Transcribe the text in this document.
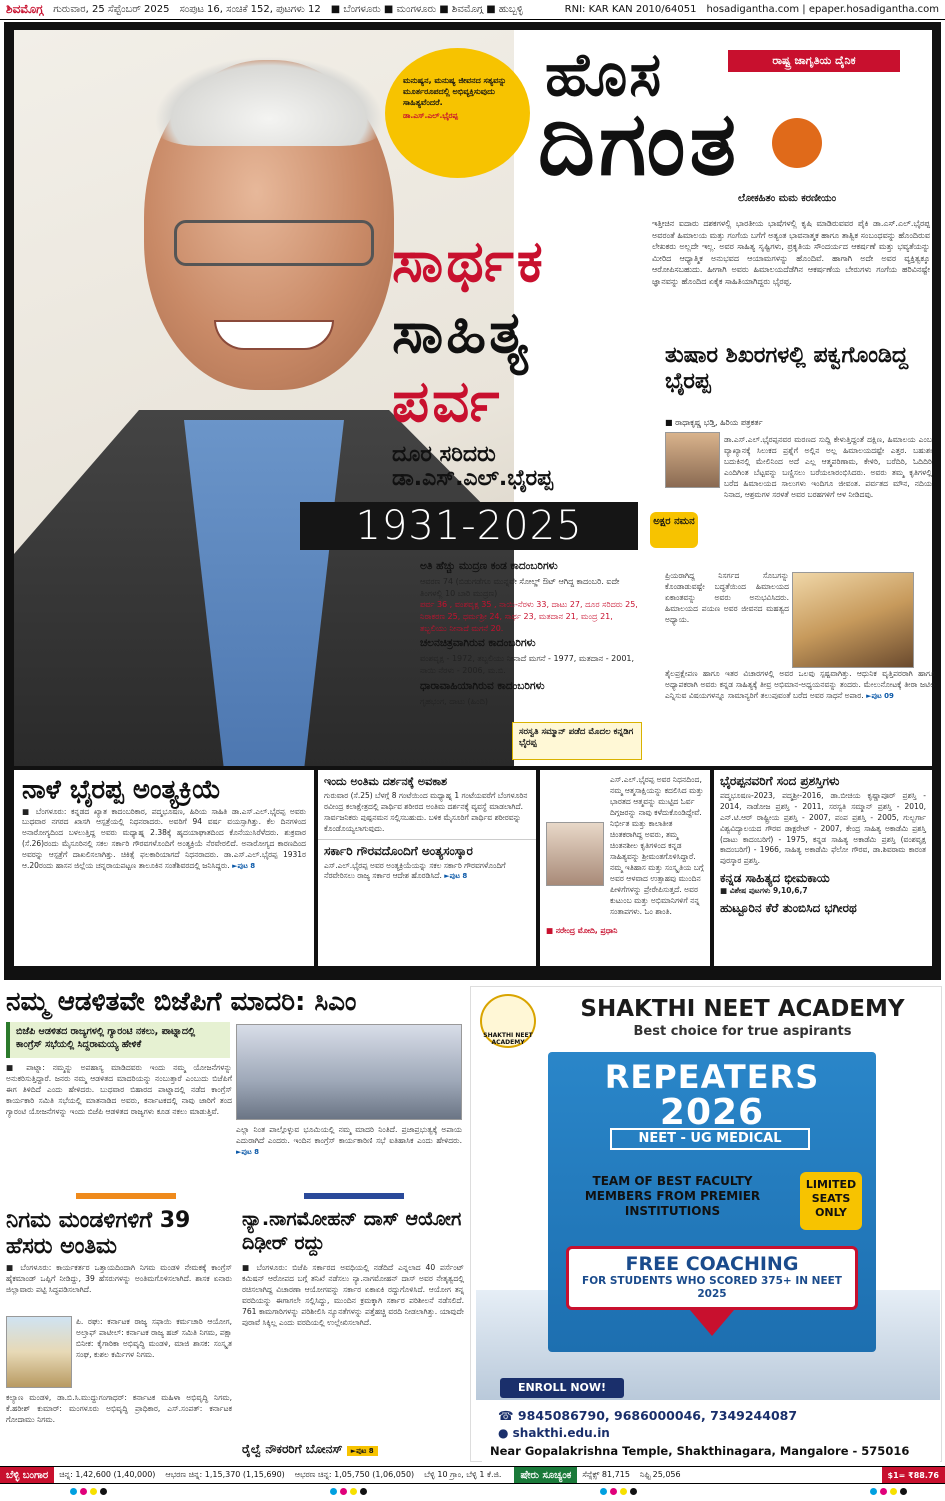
ಶಿವಮೊಗ್ಗ ಗುರುವಾರ, 25 ಸೆಪ್ಟೆಂಬರ್ 2025 ಸಂಪುಟ 16, ಸಂಚಿಕೆ 152, ಪುಟಗಳು 12 ■ ಬೆಂಗಳೂರು ■ ಮಂಗಳೂರು ■ ಶಿವಮೊಗ್ಗ ■ ಹುಬ್ಬಳ್ಳಿ	RNI: KAR KAN 2010/64051 hosadigantha.com | epaper.hosadigantha.com
ಮನುಷ್ಯನ, ಮನುಷ್ಯ ಜೀವನದ ಸತ್ಯವನ್ನು ಮೂರ್ತರೂಪದಲ್ಲಿ ಅಭಿವ್ಯಕ್ತಿಸುವುದು ಸಾಹಿತ್ಯವೆಂದರೆ.
ಡಾ.ಎಸ್.ಎಲ್.ಭೈರಪ್ಪ
ಹೊಸ	ರಾಷ್ಟ್ರ ಜಾಗೃತಿಯ ದೈನಿಕ
ದಿಗಂತ
ಲೋಕಹಿತಂ ಮಮ ಕರಣೀಯಂ
ಸಾರ್ಥಕ
ಸಾಹಿತ್ಯ
ಪರ್ವ
ದೂರ ಸರಿದರು
ಡಾ.ಎಸ್.ಎಲ್.ಭೈರಪ್ಪ
1931-2025	ಅಕ್ಷರ ನಮನ
ಅತಿ ಹೆಚ್ಚು ಮುದ್ರಣ ಕಂಡ ಕಾದಂಬರಿಗಳು
ಆವರಣ 74 (ಬಿಡುಗಡೆಗೂ ಮುನ್ನವೇ ಸೋಲ್ಡ್ ಔಟ್ ಆಗಿದ್ದ ಕಾದಂಬರಿ. ಐದೇ ತಿಂಗಳಲ್ಲಿ 10 ಬಾರಿ ಮುದ್ರಣ)
ಪರ್ವ 36 , ವಂಶವೃಕ್ಷ 35 , ನಾಯಿ-ನೆರಳು 33, ದಾಟು 27, ದೂರ ಸರಿದರು 25, ನಿರಾಕರಣ 25, ಧರ್ಮಶ್ರೀ 24, ಸಾರ್ಥ 23, ಮತದಾನ 21, ಮಂದ್ರ 21, ತಬ್ಬಲಿಯು ನೀನಾದೆ ಮಗನೆ 20.
ಚಲನಚಿತ್ರವಾಗಿರುವ ಕಾದಂಬರಿಗಳು
ವಂಶವೃಕ್ಷ - 1972, ತಬ್ಬಲಿಯು ನೀನಾದೆ ಮಗನೆ - 1977, ಮತದಾನ - 2001, ನಾಯಿ ನೆರಳು - 2006, ಮ.ಬಿ.
ಧಾರಾವಾಹಿಯಾಗಿರುವ ಕಾದಂಬರಿಗಳು
ಗೃಹಭಂಗ, ದಾಟು (ಹಿಂದಿ)
ಸರಸ್ವತಿ ಸಮ್ಮಾನ್ ಪಡೆದ ಮೊದಲ ಕನ್ನಡಿಗ ಭೈರಪ್ಪ
ಇತ್ತೀಚಿನ ಐದಾರು ದಶಕಗಳಲ್ಲಿ ಭಾರತೀಯ ಭಾಷೆಗಳಲ್ಲಿ ಕೃಷಿ ಮಾಡಿರುವವರ ಪೈಕಿ ಡಾ.ಎಸ್.ಎಲ್.ಭೈರಪ್ಪ ಅವರಂತೆ ಹಿಮಾಲಯ ಮತ್ತು ಗಂಗೆಯ ಬಗೆಗೆ ಅತ್ಯಂತ ಭಾವನಾತ್ಮಕ ಹಾಗೂ ತಾತ್ವಿಕ ಸಂಬಂಧವನ್ನು ಹೊಂದಿರುವ ಲೇಖಕರು ಅಲ್ಲದೇ ಇಲ್ಲ. ಅವರ ಸಾಹಿತ್ಯ ಸೃಷ್ಟಿಗಳು, ಪ್ರಕೃತಿಯ ಸೌಂದರ್ಯದ ಆಕರ್ಷಣೆ ಮತ್ತು ಭವ್ಯತೆಯನ್ನು ಮೀರಿದ ಆಧ್ಯಾತ್ಮಿಕ ಅನುಭವದ ಆಯಾಮಗಳನ್ನು ಹೊಂದಿವೆ. ಹಾಗಾಗಿ ಅದೇ ಅವರ ವ್ಯಕ್ತಿತ್ವಕ್ಕೂ ಆರೋಪಿಸಬಹುದು. ಹೀಗಾಗಿ ಅವರು ಹಿಮಾಲಯದೆಡೆಗಿನ ಆಕರ್ಷಣೆಯ ಬೇರುಗಳು ಗಂಗೆಯ ಹರಿವಿನಷ್ಟೇ ಜ್ಞಾನವನ್ನು ಹೊಂದಿದ ಏಕೈಕ ಸಾಹಿತಿಯಾಗಿದ್ದರು ಭೈರಪ್ಪ.
ತುಷಾರ ಶಿಖರಗಳಲ್ಲಿ ಪಕ್ವಗೊಂಡಿದ್ದ ಭೈರಪ್ಪ
■ ರಾಧಾಕೃಷ್ಣ ಭಡ್ತಿ, ಹಿರಿಯ ಪತ್ರಕರ್ತ
ಡಾ.ಎಸ್.ಎಲ್.ಭೈರಪ್ಪನವರ ಮರಣದ ಸುದ್ದಿ ಕೇಳುತ್ತಿದ್ದಂತೆ ದಕ್ಷಿಣ, ಹಿಮಾಲಯ ಎಂಬ ವ್ಯಾಖ್ಯಾನಕ್ಕೆ ಸಿಲುಕದ ಪ್ರಶ್ನೆಗೆ ಅಲ್ಲಿನ ಅಲ್ಲ ಹಿಮಾಲಯದಷ್ಟೇ ಎತ್ತರ. ಬಹುಶಃ ಬದುಕಿನಲ್ಲಿ ಮೇಲಿನಿಂದ ಅದೆ ಎಲ್ಲ ಆತ್ಮಪರಿಣಾಮ, ಕೇಳಿರಿ, ಬರೆದಿರಿ, ಓದಿದಿರಿ ಎಂದಿಗಿಂತ ಬೆಟ್ಟವನ್ನು ಬಣ್ಣಿಸಲು ಬರೆಯಲಾರಂಭಿಸಿದರು. ಅವರು ತಮ್ಮ ಕೃತಿಗಳಲ್ಲಿ ಬರೆದ ಹಿಮಾಲಯದ ಸಾಲುಗಳು ಇಂದಿಗೂ ಜೀವಂತ. ಪರ್ವತದ ಮೌನ, ನದಿಯ ನಿನಾದ, ಆಶ್ರಮಗಳ ಸರಳತೆ ಅವರ ಬರಹಗಳಿಗೆ ಆಳ ನೀಡಿದವು.
ಪ್ರಿಯರಾಗಿದ್ದ ನಿಸರ್ಗದ ಸೊಬಗನ್ನು ಕೊಂಡಾಡುವಷ್ಟೇ ಬದ್ಧತೆಯಿಂದ ಹಿಮಾಲಯದ ಏಕಾಂತವನ್ನು ಅವರು ಅನುಭವಿಸಿದರು. ಹಿಮಾಲಯದ ಪಯಣ ಅವರ ಜೀವನದ ಮಹತ್ವದ ಅಧ್ಯಾಯ.
ತೈಲಪ್ರಕ್ಷೇಪಣ ಹಾಗೂ ಇತರ ವಿಚಾರಗಳಲ್ಲಿ ಅವರ ಒಲವು ಸ್ಪಷ್ಟವಾಗಿತ್ತು. ಆಧುನಿಕ ವೃತ್ತಿಪರರಾಗಿ ಹಾಗೂ ಅಧ್ಯಾಪಕರಾಗಿ ಅವರು ಕನ್ನಡ ಸಾಹಿತ್ಯಕ್ಕೆ ತೀವ್ರ ಅಭಿಮಾನ-ಅಧ್ಯಯನವನ್ನು ತಂದರು. ಮೇಲುನೋಟಕ್ಕೆ ತೀರಾ ಜಟಿಲ ಎನ್ನಿಸುವ ವಿಷಯಗಳನ್ನೂ ಸಾಮಾನ್ಯರಿಗೆ ತಲುಪುವಂತೆ ಬರೆದ ಅವರ ಸಾಧನೆ ಅಪಾರ. ►ಪುಟ 09
ನಾಳೆ ಭೈರಪ್ಪ ಅಂತ್ಯಕ್ರಿಯೆ
■ ಬೆಂಗಳೂರು: ಕನ್ನಡದ ಖ್ಯಾತ ಕಾದಂಬರಿಕಾರ, ಪದ್ಮಭೂಷಣ, ಹಿರಿಯ ಸಾಹಿತಿ ಡಾ.ಎಸ್.ಎಲ್.ಭೈರಪ್ಪ ಅವರು ಬುಧವಾರ ನಗರದ ಖಾಸಗಿ ಆಸ್ಪತ್ರೆಯಲ್ಲಿ ನಿಧನರಾದರು. ಅವರಿಗೆ 94 ವರ್ಷ ವಯಸ್ಸಾಗಿತ್ತು. ಕೆಲ ದಿನಗಳಿಂದ ಅನಾರೋಗ್ಯದಿಂದ ಬಳಲುತ್ತಿದ್ದ ಅವರು ಮಧ್ಯಾಹ್ನ 2.38ಕ್ಕೆ ಹೃದಯಾಘಾತದಿಂದ ಕೊನೆಯುಸಿರೆಳೆದರು. ಶುಕ್ರವಾರ (ಸೆ.26)ರಂದು ಮೈಸೂರಿನಲ್ಲಿ ಸಕಲ ಸರ್ಕಾರಿ ಗೌರವಗಳೊಂದಿಗೆ ಅಂತ್ಯಕ್ರಿಯೆ ನೆರವೇರಲಿದೆ. ಅನಾರೋಗ್ಯದ ಕಾರಣದಿಂದ ಅವರನ್ನು ಆಸ್ಪತ್ರೆಗೆ ದಾಖಲಿಸಲಾಗಿತ್ತು. ಚಿಕಿತ್ಸೆ ಫಲಕಾರಿಯಾಗದೆ ನಿಧನರಾದರು. ಡಾ.ಎಸ್.ಎಲ್.ಭೈರಪ್ಪ 1931ರ ಆ.20ರಂದು ಹಾಸನ ಜಿಲ್ಲೆಯ ಚನ್ನರಾಯಪಟ್ಟಣ ತಾಲೂಕಿನ ಸಂತೆಶಿವರದಲ್ಲಿ ಜನಿಸಿದ್ದರು. ►ಪುಟ 8
ಇಂದು ಅಂತಿಮ ದರ್ಶನಕ್ಕೆ ಅವಕಾಶ
ಗುರುವಾರ (ಸೆ.25) ಬೆಳಗ್ಗೆ 8 ಗಂಟೆಯಿಂದ ಮಧ್ಯಾಹ್ನ 1 ಗಂಟೆಯವರೆಗೆ ಬೆಂಗಳೂರಿನ ರವೀಂದ್ರ ಕಲಾಕ್ಷೇತ್ರದಲ್ಲಿ ಪಾರ್ಥಿವ ಶರೀರದ ಅಂತಿಮ ದರ್ಶನಕ್ಕೆ ವ್ಯವಸ್ಥೆ ಮಾಡಲಾಗಿದೆ. ಸಾರ್ವಜನಿಕರು ಪುಷ್ಪನಮನ ಸಲ್ಲಿಸಬಹುದು. ಬಳಿಕ ಮೈಸೂರಿಗೆ ಪಾರ್ಥಿವ ಶರೀರವನ್ನು ಕೊಂಡೊಯ್ಯಲಾಗುವುದು.
ಸರ್ಕಾರಿ ಗೌರವದೊಂದಿಗೆ ಅಂತ್ಯಸಂಸ್ಕಾರ
ಎಸ್.ಎಲ್.ಭೈರಪ್ಪ ಅವರ ಅಂತ್ಯಕ್ರಿಯೆಯನ್ನು ಸಕಲ ಸರ್ಕಾರಿ ಗೌರವಗಳೊಂದಿಗೆ ನೆರವೇರಿಸಲು ರಾಜ್ಯ ಸರ್ಕಾರ ಆದೇಶ ಹೊರಡಿಸಿದೆ. ►ಪುಟ 8
ಎಸ್.ಎಲ್.ಭೈರಪ್ಪ ಅವರ ನಿಧನದಿಂದ, ನಮ್ಮ ಆತ್ಮಸಾಕ್ಷಿಯನ್ನು ಕದಲಿಸಿದ ಮತ್ತು ಭಾರತದ ಆತ್ಮವನ್ನು ಮುಟ್ಟಿದ ಓರ್ವ ದಿಗ್ಗಜರನ್ನು ನಾವು ಕಳೆದುಕೊಂಡಿದ್ದೇವೆ. ನಿರ್ಭೀತ ಮತ್ತು ಕಾಲಾತೀತ ಚಿಂತಕರಾಗಿದ್ದ ಅವರು, ತಮ್ಮ ಚಿಂತನಶೀಲ ಕೃತಿಗಳಿಂದ ಕನ್ನಡ ಸಾಹಿತ್ಯವನ್ನು ಶ್ರೀಮಂತಗೊಳಿಸಿದ್ದಾರೆ. ನಮ್ಮ ಇತಿಹಾಸ ಮತ್ತು ಸಂಸ್ಕೃತಿಯ ಬಗ್ಗೆ ಅವರ ಆಳವಾದ ಉತ್ಸಾಹವು ಮುಂದಿನ ಪೀಳಿಗೆಗಳನ್ನು ಪ್ರೇರೇಪಿಸುತ್ತದೆ. ಅವರ ಕುಟುಂಬ ಮತ್ತು ಅಭಿಮಾನಿಗಳಿಗೆ ನನ್ನ ಸಂತಾಪಗಳು. ಓಂ ಶಾಂತಿ.
■ ನರೇಂದ್ರ ಮೋದಿ, ಪ್ರಧಾನಿ
ಭೈರಪ್ಪನವರಿಗೆ ಸಂದ ಪ್ರಶಸ್ತಿಗಳು
ಪದ್ಮಭೂಷಣ-2023, ಪದ್ಮಶ್ರೀ-2016, ಡಾ.ಬೀಚಿಯ ಕೃಷ್ಣಾಪೂರ್ ಪ್ರಶಸ್ತಿ - 2014, ನಾಡೋಜ ಪ್ರಶಸ್ತಿ - 2011, ಸರಸ್ವತಿ ಸಮ್ಮಾನ್ ಪ್ರಶಸ್ತಿ - 2010, ಎನ್.ಟಿ.ಆರ್ ರಾಷ್ಟ್ರೀಯ ಪ್ರಶಸ್ತಿ - 2007, ಪಂಪ ಪ್ರಶಸ್ತಿ - 2005, ಗುಲ್ಬರ್ಗಾ ವಿಶ್ವವಿದ್ಯಾಲಯದ ಗೌರವ ಡಾಕ್ಟರೇಟ್ - 2007, ಕೇಂದ್ರ ಸಾಹಿತ್ಯ ಅಕಾಡೆಮಿ ಪ್ರಶಸ್ತಿ (ದಾಟು ಕಾದಂಬರಿಗೆ) - 1975, ಕನ್ನಡ ಸಾಹಿತ್ಯ ಅಕಾಡೆಮಿ ಪ್ರಶಸ್ತಿ (ವಂಶವೃಕ್ಷ ಕಾದಂಬರಿಗೆ) - 1966, ಸಾಹಿತ್ಯ ಅಕಾಡೆಮಿ ಫೆಲೋ ಗೌರವ, ಡಾ.ಶಿವರಾಮ ಕಾರಂತ ಪುರಸ್ಕಾರ ಪ್ರಶಸ್ತಿ.
ಕನ್ನಡ ಸಾಹಿತ್ಯದ ಭೀಮಕಾಯ
■ ವಿಶೇಷ ಪುಟಗಳು 9,10,6,7
ಹುಟ್ಟೂರಿನ ಕೆರೆ ತುಂಬಿಸಿದ ಭಗೀರಥ
ನಮ್ಮ ಆಡಳಿತವೇ ಬಿಜೆಪಿಗೆ ಮಾದರಿ: ಸಿಎಂ
ಬಿಜೆಪಿ ಆಡಳಿತದ ರಾಜ್ಯಗಳಲ್ಲಿ ಗ್ಯಾರಂಟಿ ನಕಲು, ಪಾಟ್ನಾದಲ್ಲಿ ಕಾಂಗ್ರೆಸ್ ಸಭೆಯಲ್ಲಿ ಸಿದ್ದರಾಮಯ್ಯ ಹೇಳಿಕೆ
■ ಪಾಟ್ನಾ: ನಮ್ಮನ್ನು ಅಪಹಾಸ್ಯ ಮಾಡಿದವರು ಇಂದು ನಮ್ಮ ಯೋಜನೆಗಳನ್ನು ಅನುಕರಿಸುತ್ತಿದ್ದಾರೆ. ಜನರು ನಮ್ಮ ಆಡಳಿತದ ಮಾದರಿಯನ್ನು ನಂಬುತ್ತಾರೆ ಎಂಬುದು ಬಿಜೆಪಿಗೆ ಈಗ ತಿಳಿದಿದೆ ಎಂದು ಹೇಳಿದರು. ಬುಧವಾರ ಬಿಹಾರದ ಪಾಟ್ನಾದಲ್ಲಿ ನಡೆದ ಕಾಂಗ್ರೆಸ್ ಕಾರ್ಯಕಾರಿ ಸಮಿತಿ ಸಭೆಯಲ್ಲಿ ಮಾತನಾಡಿದ ಅವರು, ಕರ್ನಾಟಕದಲ್ಲಿ ನಾವು ಜಾರಿಗೆ ತಂದ ಗ್ಯಾರಂಟಿ ಯೋಜನೆಗಳನ್ನು ಇಂದು ಬಿಜೆಪಿ ಆಡಳಿತದ ರಾಜ್ಯಗಳು ಕೂಡ ನಕಲು ಮಾಡುತ್ತಿವೆ.
ಎಲ್ಲಾ ನಿಂತ ಪಾಲ್ಗೊಳ್ಳುವ ಭೂಮಿಯಲ್ಲಿ ನಮ್ಮ ಮಾದರಿ ನಿಂತಿದೆ. ಪ್ರಜಾಪ್ರಭುತ್ವಕ್ಕೆ ಅಪಾಯ ಎದುರಾಗಿದೆ ಎಂದರು. ಇಂದಿನ ಕಾಂಗ್ರೆಸ್ ಕಾರ್ಯಕಾರಿಣಿ ಸಭೆ ಐತಿಹಾಸಿಕ ಎಂದು ಹೇಳಿದರು. ►ಪುಟ 8
ನಿಗಮ ಮಂಡಳಿಗಳಿಗೆ 39 ಹೆಸರು ಅಂತಿಮ
■ ಬೆಂಗಳೂರು: ಕಾರ್ಯಕರ್ತರ ಒತ್ತಾಯದಿಂದಾಗಿ ನಿಗಮ ಮಂಡಳಿ ನೇಮಕಕ್ಕೆ ಕಾಂಗ್ರೆಸ್ ಹೈಕಮಾಂಡ್ ಒಪ್ಪಿಗೆ ನೀಡಿದ್ದು, 39 ಹೆಸರುಗಳನ್ನು ಅಂತಿಮಗೊಳಿಸಲಾಗಿದೆ. ಶಾಸಕ ಏನಾರು ಜಿಲ್ಲಾವಾರು ಪಟ್ಟಿ ಸಿದ್ಧಪಡಿಸಲಾಗಿದೆ.
ಪಿ. ರಘು: ಕರ್ನಾಟಕ ರಾಜ್ಯ ಸಫಾಯಿ ಕರ್ಮಚಾರಿ ಆಯೋಗ, ಅಲ್ತಾಫ್ ಪಾಟೀಲ್: ಕರ್ನಾಟಕ ರಾಜ್ಯ ಹಜ್ ಸಮಿತಿ ನಿಗಮ, ಪಕ್ಷಾ ಬಿನೀಕ: ಕೈಗಾರಿಕಾ ಅಭಿವೃದ್ಧಿ ಮಂಡಳಿ, ಮಾಜಿ ಶಾಸಕ: ಸಂಸ್ಕೃತ ಸಂಘ, ಕುಶಲ ಕರ್ಮಿಗಳ ನಿಗಮ.
ಕಲ್ಯಾಣ ಮಂಡಳಿ, ಡಾ.ಬಿ.ಸಿ.ಮುದ್ದುಗಂಗಾಧರ್: ಕರ್ನಾಟಕ ಮಹಿಳಾ ಅಭಿವೃದ್ಧಿ ನಿಗಮ, ಕೆ.ಹರೀಶ್ ಕುಮಾರ್: ಮಂಗಳೂರು ಅಭಿವೃದ್ಧಿ ಪ್ರಾಧಿಕಾರ, ಎಸ್.ಸಂಪತ್: ಕರ್ನಾಟಕ ಗೋದಾಮು ನಿಗಮ.
ನ್ಯಾ.ನಾಗಮೋಹನ್ ದಾಸ್ ಆಯೋಗ ದಿಢೀರ್ ರದ್ದು
■ ಬೆಂಗಳೂರು: ಬಿಜೆಪಿ ಸರ್ಕಾರದ ಅವಧಿಯಲ್ಲಿ ನಡೆದಿದೆ ಎನ್ನಲಾದ 40 ಪರ್ಸೆಂಟ್ ಕಮಿಷನ್ ಆರೋಪದ ಬಗ್ಗೆ ತನಿಖೆ ನಡೆಸಲು ನ್ಯಾ.ನಾಗಮೋಹನ್ ದಾಸ್ ಅವರ ನೇತೃತ್ವದಲ್ಲಿ ರಚಿಸಲಾಗಿದ್ದ ವಿಚಾರಣಾ ಆಯೋಗವನ್ನು ಸರ್ಕಾರ ಏಕಾಏಕಿ ರದ್ದುಗೊಳಿಸಿದೆ. ಆಯೋಗ ತನ್ನ ವರದಿಯನ್ನು ಈಗಾಗಲೇ ಸಲ್ಲಿಸಿದ್ದು, ಮುಂದಿನ ಕ್ರಮಕ್ಕಾಗಿ ಸರ್ಕಾರ ಪರಿಶೀಲನೆ ನಡೆಸಲಿದೆ. 761 ಕಾಮಗಾರಿಗಳನ್ನು ಪರಿಶೀಲಿಸಿ ನ್ಯೂನತೆಗಳನ್ನು ಪತ್ತೆಹಚ್ಚಿ ವರದಿ ನೀಡಲಾಗಿತ್ತು. ಯಾವುದೇ ಪುರಾವೆ ಸಿಕ್ಕಿಲ್ಲ ಎಂದು ವರದಿಯಲ್ಲಿ ಉಲ್ಲೇಖಿಸಲಾಗಿದೆ.
ರೈಲ್ವೆ ನೌಕರರಿಗೆ ಬೋನಸ್ ►ಪುಟ 8
SHAKTHI NEET ACADEMY
SHAKTHI NEET ACADEMY
Best choice for true aspirants
REPEATERS
2026
NEET - UG MEDICAL
TEAM OF BEST FACULTY MEMBERS FROM PREMIER INSTITUTIONS
LIMITED SEATS ONLY
FREE COACHING
FOR STUDENTS WHO SCORED 375+ IN NEET 2025
ENROLL NOW!
☎ 9845086790, 9686000046, 7349244087
● shakthi.edu.in
Near Gopalakrishna Temple, Shakthinagara, Mangalore - 575016
ಬೆಳ್ಳಿ ಬಂಗಾರ	ಚಿನ್ನ: 1,42,600 (1,40,000)	ಆಭರಣ ಚಿನ್ನ: 1,15,370 (1,15,690)	ಆಭರಣ ಚಿನ್ನ: 1,05,750 (1,06,050)	ಬೆಳ್ಳಿ 10 ಗ್ರಾಂ, ಬೆಳ್ಳಿ 1 ಕೆ.ಜಿ.	ಷೇರು ಸೂಚ್ಯಂಕ	ಸೆನ್ಸೆಕ್ಸ್ 81,715	ನಿಫ್ಟಿ 25,056	$1= ₹88.76
